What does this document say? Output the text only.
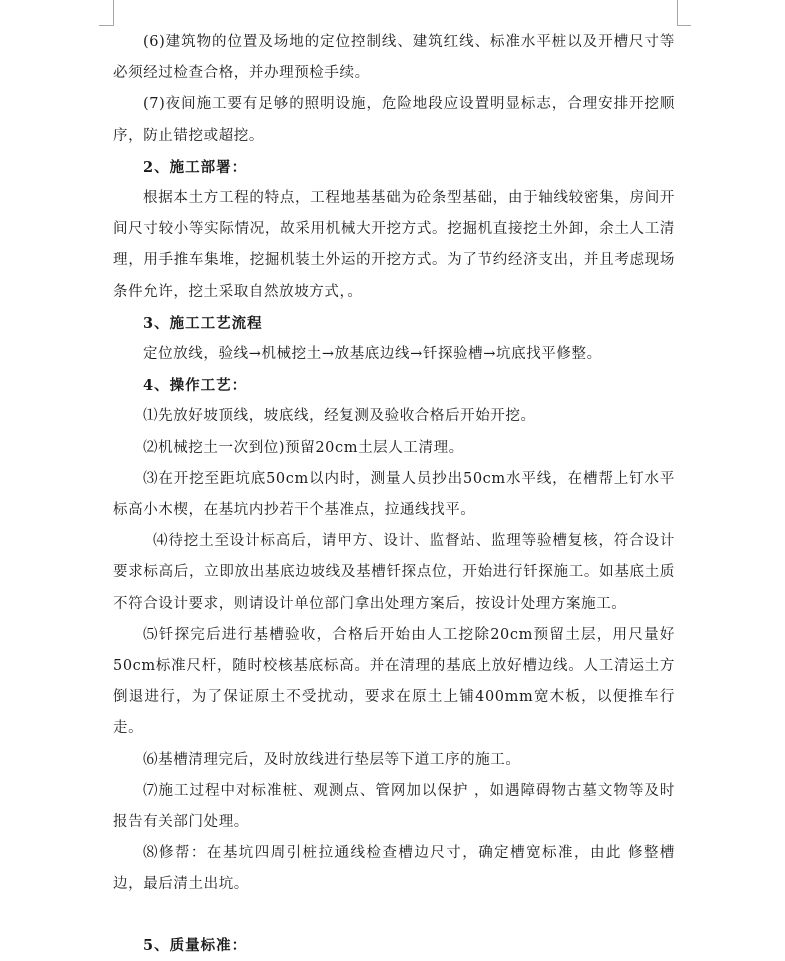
(6)建筑物的位置及场地的定位控制线、建筑红线、标准水平桩以及开槽尺寸等必须经过检查合格，并办理预检手续。

(7)夜间施工要有足够的照明设施，危险地段应设置明显标志，合理安排开挖顺序，防止错挖或超挖。

2、施工部署：

根据本土方工程的特点，工程地基基础为砼条型基础，由于轴线较密集，房间开间尺寸较小等实际情况，故采用机械大开挖方式。挖掘机直接挖土外卸，余土人工清理，用手推车集堆，挖掘机装土外运的开挖方式。为了节约经济支出，并且考虑现场条件允许，挖土采取自然放坡方式，。

3、施工工艺流程

定位放线，验线→机械挖土→放基底边线→钎探验槽→坑底找平修整。

4、操作工艺：

⑴先放好坡顶线，坡底线，经复测及验收合格后开始开挖。

⑵机械挖土一次到位)预留20cm土层人工清理。

⑶在开挖至距坑底50cm以内时，测量人员抄出50cm水平线，在槽帮上钉水平标高小木楔，在基坑内抄若干个基准点，拉通线找平。

⑷待挖土至设计标高后，请甲方、设计、监督站、监理等验槽复核，符合设计要求标高后，立即放出基底边坡线及基槽钎探点位，开始进行钎探施工。如基底土质不符合设计要求，则请设计单位部门拿出处理方案后，按设计处理方案施工。

⑸钎探完后进行基槽验收，合格后开始由人工挖除20cm预留土层，用尺量好50cm标准尺杆，随时校核基底标高。并在清理的基底上放好槽边线。人工清运土方倒退进行，为了保证原土不受扰动，要求在原土上铺400mm宽木板，以便推车行走。

⑹基槽清理完后，及时放线进行垫层等下道工序的施工。

⑺施工过程中对标准桩、观测点、管网加以保护 ，如遇障碍物古墓文物等及时报告有关部门处理。

⑻修帮：在基坑四周引桩拉通线检查槽边尺寸，确定槽宽标准，由此 修整槽边，最后清土出坑。

5、质量标准：
